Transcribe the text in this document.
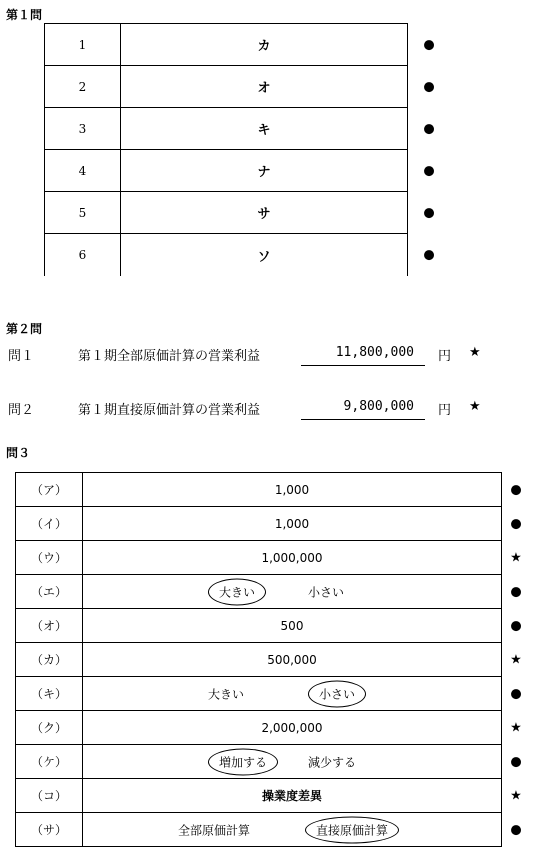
第１問
1	カ	●
2	オ	●
3	キ	●
4	ナ	●
5	サ	●
6	ソ	●
第２問
問１	第１期全部原価計算の営業利益	11,800,000 円 ★
問２	第１期直接原価計算の営業利益	9,800,000 円 ★
問３
（ア）	1,000	●
（イ）	1,000	●
（ウ）	1,000,000	★
（エ）	大きい	小さい	●
（オ）	500	●
（カ）	500,000	★
（キ）	大きい	小さい	●
（ク）	2,000,000	★
（ケ）	増加する	減少する	●
（コ）	操業度差異	★
（サ）	全部原価計算	直接原価計算	●
